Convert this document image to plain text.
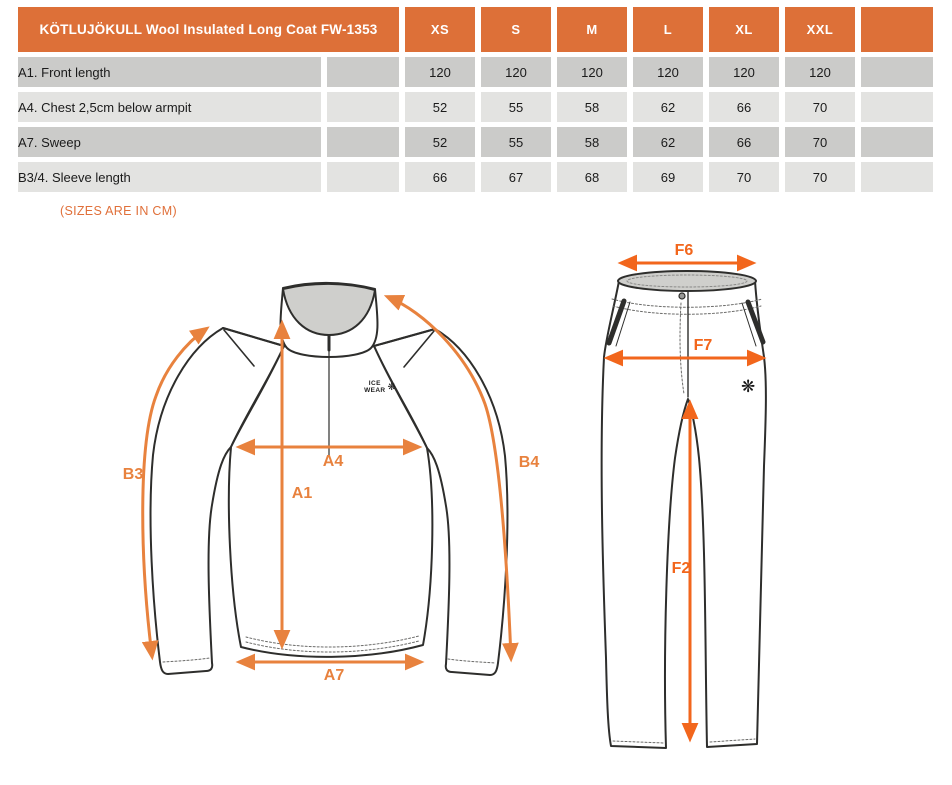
KÖTLUJÖKULL Wool Insulated Long Coat FW-1353		XS	S	M	L	XL	XXL	
A1. Front length		120	120	120	120	120	120	
A4. Chest 2,5cm below armpit		52	55	58	62	66	70	
A7. Sweep		52	55	58	62	66	70	
B3/4. Sleeve length		66	67	68	69	70	70	
(SIZES ARE IN CM)
B3
B4
A4
A1
A7
F6
F7
F2
ICE
WEAR ❋	❋
